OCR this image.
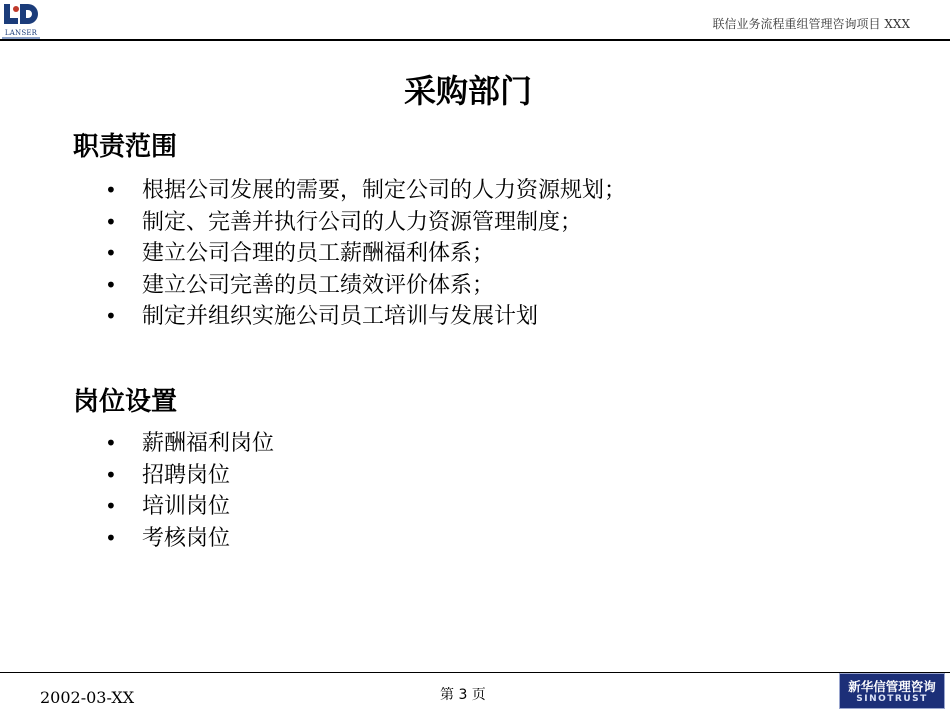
LANSER
联信业务流程重组管理咨询项目 XXX
采购部门
职责范围
• 根据公司发展的需要，制定公司的人力资源规划；
• 制定、完善并执行公司的人力资源管理制度；
• 建立公司合理的员工薪酬福利体系；
• 建立公司完善的员工绩效评价体系；
• 制定并组织实施公司员工培训与发展计划
岗位设置
• 薪酬福利岗位
• 招聘岗位
• 培训岗位
• 考核岗位
2002-03-XX	第 3 页
新华信管理咨询
SINOTRUST
